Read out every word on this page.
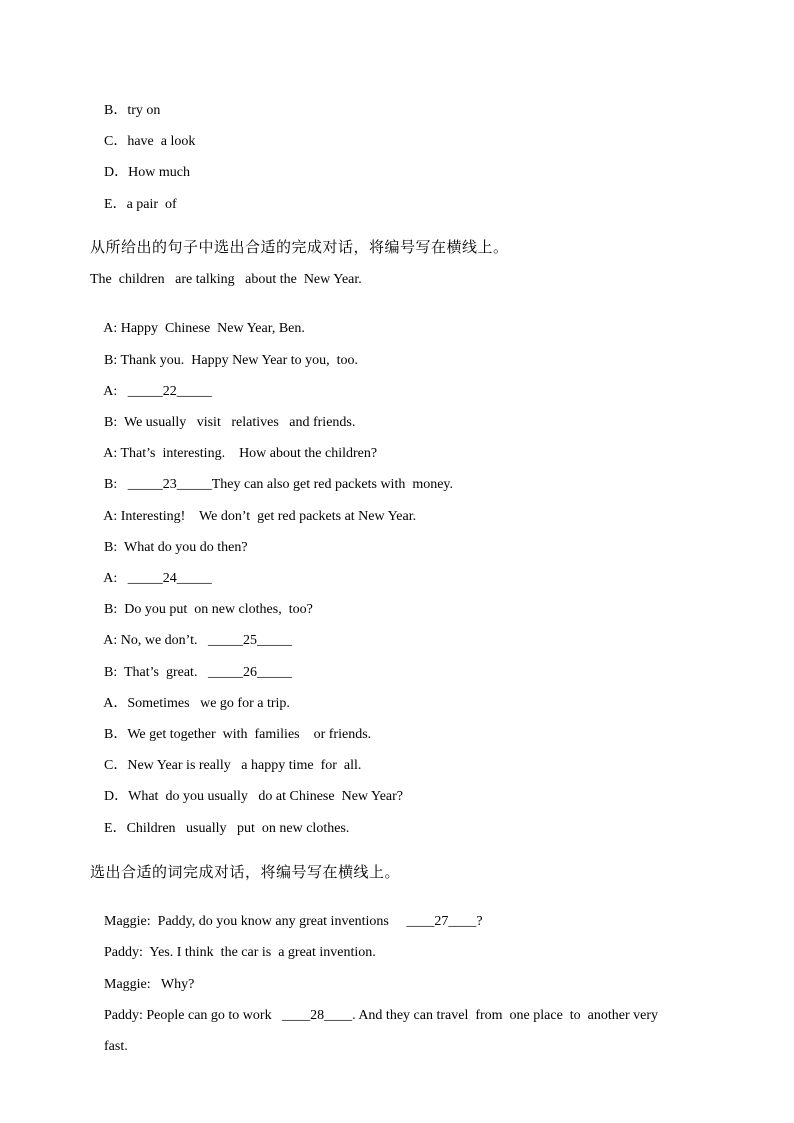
B．try on

C．have  a look

D．How much

E．a pair  of

从所给出的句子中选出合适的完成对话，将编号写在横线上。
The  children   are talking   about the  New Year.

A: Happy  Chinese  New Year, Ben.

B: Thank you.  Happy New Year to you,  too.

A:   _____22_____

B:  We usually   visit   relatives   and friends.

A: That’s  interesting.    How about the children?

B:   _____23_____They can also get red packets with  money.

A: Interesting!    We don’t  get red packets at New Year.

B:  What do you do then?

A:   _____24_____

B:  Do you put  on new clothes,  too?

A: No, we don’t.   _____25_____

B:  That’s  great.   _____26_____

A．Sometimes   we go for a trip.

B．We get together  with  families    or friends.

C．New Year is really   a happy time  for  all.

D．What  do you usually   do at Chinese  New Year?

E．Children   usually   put  on new clothes.

选出合适的词完成对话，将编号写在横线上。

Maggie:  Paddy, do you know any great inventions     ____27____?

Paddy:  Yes. I think  the car is  a great invention.

Maggie:   Why?

Paddy: People can go to work   ____28____. And they can travel  from  one place  to  another very

fast.
